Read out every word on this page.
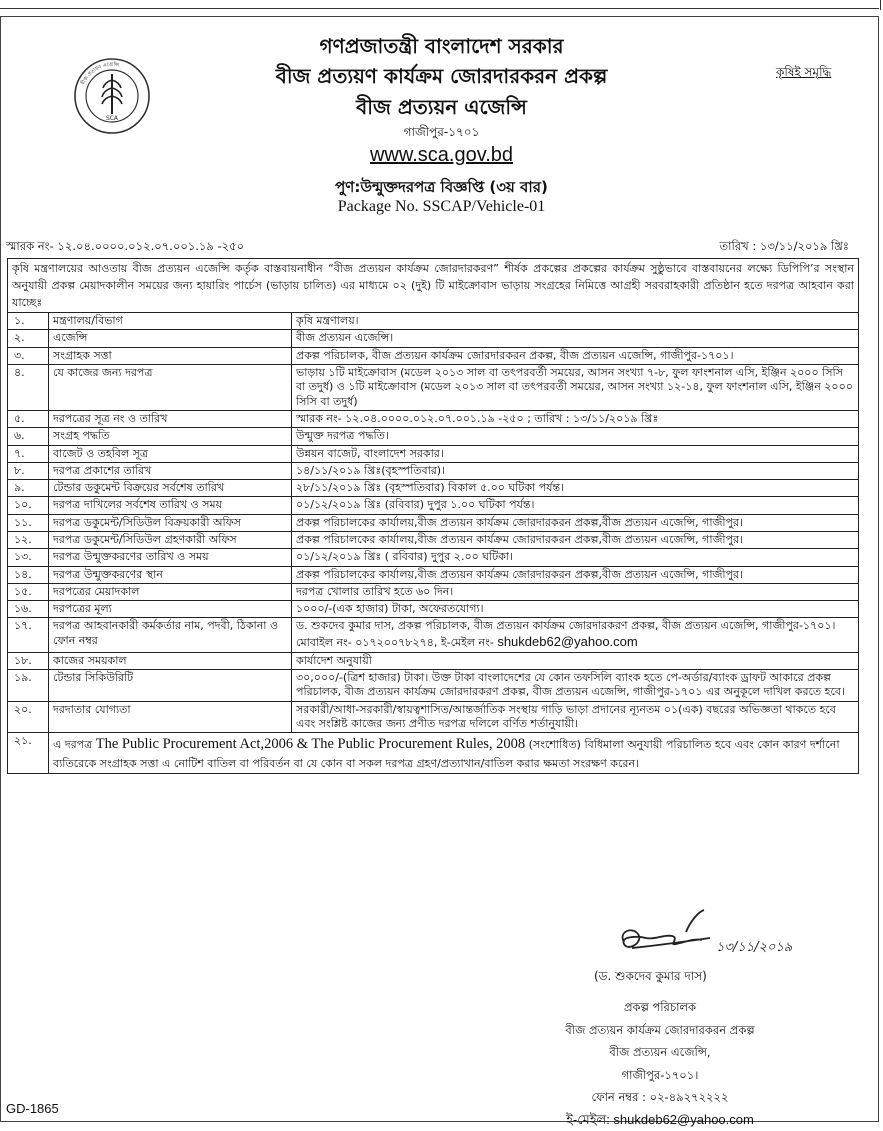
SCA
বীজ প্রত্যয়ন এজেন্সি	কৃষিই সমৃদ্ধি
গণপ্রজাতন্ত্রী বাংলাদেশ সরকার
বীজ প্রত্যয়ণ কার্যক্রম জোরদারকরন প্রকল্প
বীজ প্রত্যয়ন এজেন্সি
গাজীপুর-১৭০১
www.sca.gov.bd
পুণ:উন্মুক্তদরপত্র বিজ্ঞপ্তি (৩য় বার)
Package No. SSCAP/Vehicle-01
স্মারক নং- ১২.০৪.০০০০.০১২.০৭.০০১.১৯ -২৫০	তারিখ : ১৩/১১/২০১৯ খ্রিঃ
কৃষি মন্ত্রণালয়ের আওতায় বীজ প্রত্যয়ন এজেন্সি কর্তৃক বাস্তবায়নাধীন “বীজ প্রত্যয়ন কার্যক্রম জোরদারকরণ” শীর্ষক প্রকল্পের প্রকল্পের কার্যক্রম সুষ্ঠুভাবে বাস্তবায়নের লক্ষ্যে ডিপিপি’র সংস্থান অনুযায়ী প্রকল্প মেয়াদকালীন সময়ের জন্য হায়ারিং পার্চেস (ভাড়ায় চালিত) এর মাধ্যমে ০২ (দুই) টি মাইক্রোবাস ভাড়ায় সংগ্রহের নিমিত্তে আগ্রহী সরবরাহকারী প্রতিষ্ঠান হতে দরপত্র আহবান করা যাচ্ছেঃ		
১.	মন্ত্রণালয়/বিভাগ	কৃষি মন্ত্রণালয়।
২.	এজেন্সি	বীজ প্রত্যয়ন এজেন্সি।
৩.	সংগ্রাহক সত্তা	প্রকল্প পরিচালক, বীজ প্রত্যয়ন কার্যক্রম জোরদারকরন প্রকল্প, বীজ প্রত্যয়ন এজেন্সি, গাজীপুর-১৭০১।
৪.	যে কাজের জন্য দরপত্র	ভাড়ায় ১টি মাইক্রোবাস (মডেল ২০১৩ সাল বা তৎপরবর্তী সময়ের, আসন সংখ্যা ৭-৮, ফুল ফাংশনাল এসি, ইঞ্জিন ২০০০ সিসি বা তদুর্ধ) ও ১টি মাইক্রোবাস (মডেল ২০১৩ সাল বা তৎপরবর্তী সময়ের, আসন সংখ্যা ১২-১৪, ফুল ফাংশনাল এসি, ইঞ্জিন ২০০০ সিসি বা তদুর্ধ)
৫.	দরপত্রের সূত্র নং ও তারিখ	স্মারক নং- ১২.০৪.০০০০.০১২.০৭.০০১.১৯ -২৫০ ; তারিখ : ১৩/১১/২০১৯ খ্রিঃ
৬.	সংগ্রহ পদ্ধতি	উন্মুক্ত দরপত্র পদ্ধতি।
৭.	বাজেট ও তহবিল সূত্র	উন্নয়ন বাজেট, বাংলাদেশ সরকার।
৮.	দরপত্র প্রকাশের তারিখ	১৪/১১/২০১৯ খ্রিঃ(বৃহস্পতিবার)।
৯.	টেন্ডার ডকুমেন্ট বিক্রয়ের সর্বশেষ তারিখ	২৮/১১/২০১৯ খ্রিঃ (বৃহস্পতিবার) বিকাল ৫.০০ ঘটিকা পর্যন্ত।
১০.	দরপত্র দাখিলের সর্বশেষ তারিখ ও সময়	০১/১২/২০১৯ খ্রিঃ (রবিবার) দুপুর ১.০০ ঘটিকা পর্যন্ত।
১১.	দরপত্র ডকুমেন্ট/সিডিউল বিক্রয়কারী অফিস	প্রকল্প পরিচালকের কার্যালয়,বীজ প্রত্যয়ন কার্যক্রম জোরদারকরন প্রকল্প,বীজ প্রত্যয়ন এজেন্সি, গাজীপুর।
১২.	দরপত্র ডকুমেন্ট/সিডিউল গ্রহণকারী অফিস	প্রকল্প পরিচালকের কার্যালয়,বীজ প্রত্যয়ন কার্যক্রম জোরদারকরন প্রকল্প,বীজ প্রত্যয়ন এজেন্সি, গাজীপুর।
১৩.	দরপত্র উন্মুক্তকরণের তারিখ ও সময়	০১/১২/২০১৯ খ্রিঃ ( রবিবার) দুপুর ২.০০ ঘটিকা।
১৪.	দরপত্র উন্মুক্তকরণের স্থান	প্রকল্প পরিচালকের কার্যালয়,বীজ প্রত্যয়ন কার্যক্রম জোরদারকরন প্রকল্প,বীজ প্রত্যয়ন এজেন্সি, গাজীপুর।
১৫.	দরপত্রের মেয়াদকাল	দরপত্র খোলার তারিখ হতে ৬০ দিন।
১৬.	দরপত্রের মূল্য	১০০০/-(এক হাজার) টাকা, অফেরতযোগ্য।
১৭.	দরপত্র আহবানকারী কর্মকর্তার নাম, পদবী, ঠিকানা ও ফোন নম্বর	ড. শুকদেব কুমার দাস, প্রকল্প পরিচালক, বীজ প্রত্যয়ন কার্যক্রম জোরদারকরণ প্রকল্প, বীজ প্রত্যয়ন এজেন্সি, গাজীপুর-১৭০১। মোবাইল নং- ০১৭২০০৭৮২৭৪, ই-মেইল নং- shukdeb62@yahoo.com
১৮.	কাজের সময়কাল	কার্যাদেশ অনুযায়ী
১৯.	টেন্ডার সিকিউরিটি	৩০,০০০/-(ত্রিশ হাজার) টাকা। উক্ত টাকা বাংলাদেশের যে কোন তফসিলি ব্যাংক হতে পে-অর্ডার/ব্যাংক ড্রাফট আকারে প্রকল্প পরিচালক, বীজ প্রত্যয়ন কার্যক্রম জোরদারকরণ প্রকল্প, বীজ প্রত্যয়ন এজেন্সি, গাজীপুর-১৭০১ এর অনুকূলে দাখিল করতে হবে।
২০.	দরদাতার যোগ্যতা	সরকারী/আধা-সরকারী/স্বায়ত্বশাসিত/আন্তর্জাতিক সংস্থায় গাড়ি ভাড়া প্রদানের ন্যূনতম ০১(এক) বছরের অভিজ্ঞতা থাকতে হবে এবং সংশ্লিষ্ট কাজের জন্য প্রণীত দরপত্র দলিলে বর্ণিত শর্তানুযায়ী।
২১.	এ দরপত্র The Public Procurement Act,2006 & The Public Procurement Rules, 2008 (সংশোধিত) বিধিমালা অনুযায়ী পরিচালিত হবে এবং কোন কারণ দর্শানো ব্যতিরেকে সংগ্রাহক সত্তা এ নোটিশ বাতিল বা পরিবর্তন বা যে কোন বা সকল দরপত্র গ্রহণ/প্রত্যাখান/বাতিল করার ক্ষমতা সংরক্ষণ করেন।	
১৩/১১/২০১৯
(ড. শুকদেব কুমার দাস)
প্রকল্প পরিচালক
বীজ প্রত্যয়ন কার্যক্রম জোরদারকরন প্রকল্প
বীজ প্রত্যয়ন এজেন্সি,
গাজীপুর-১৭০১।
ফোন নম্বর : ০২-৪৯২৭২২২২
ই-মেইল: shukdeb62@yahoo.com
GD-1865
